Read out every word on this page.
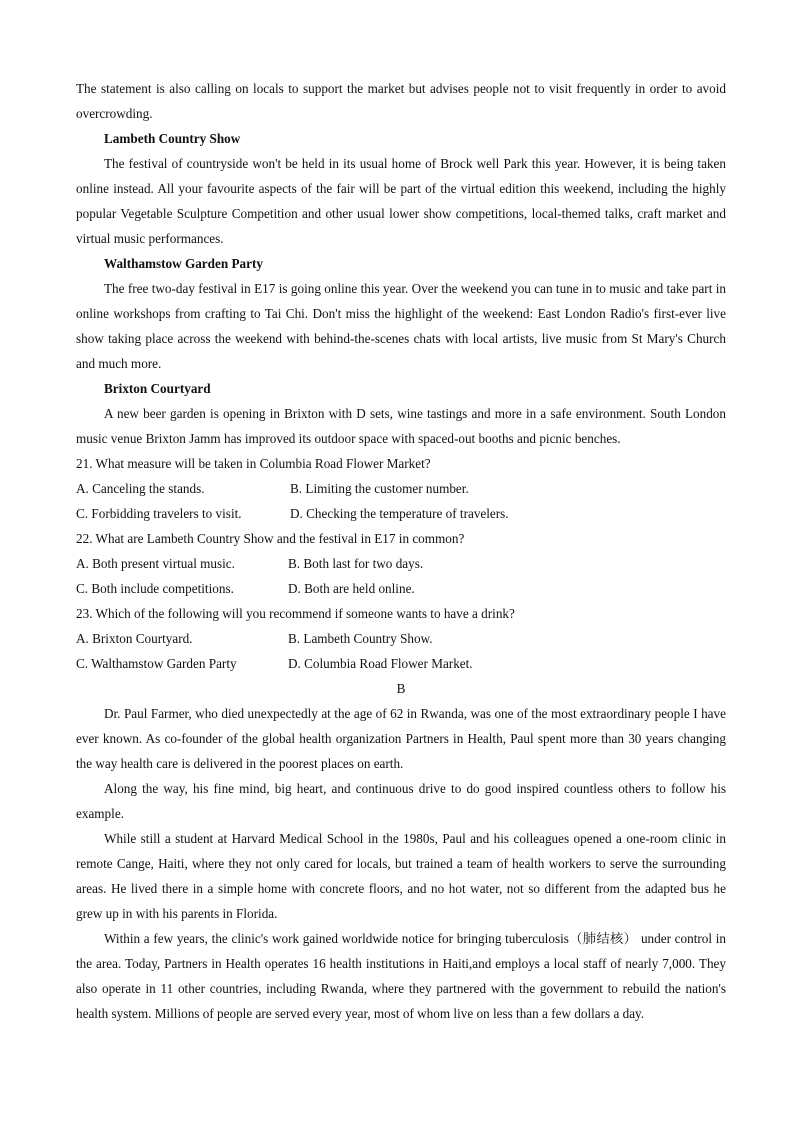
The statement is also calling on locals to support the market but advises people not to visit frequently in order to avoid overcrowding.

Lambeth Country Show

The festival of countryside won't be held in its usual home of Brock well Park this year. However, it is being taken online instead. All your favourite aspects of the fair will be part of the virtual edition this weekend, including the highly popular Vegetable Sculpture Competition and other usual lower show competitions, local-themed talks, craft market and virtual music performances.

Walthamstow Garden Party

The free two-day festival in E17 is going online this year. Over the weekend you can tune in to music and take part in online workshops from crafting to Tai Chi. Don't miss the highlight of the weekend: East London Radio's first-ever live show taking place across the weekend with behind-the-scenes chats with local artists, live music from St Mary's Church and much more.

Brixton Courtyard

A new beer garden is opening in Brixton with D sets, wine tastings and more in a safe environment. South London music venue Brixton Jamm has improved its outdoor space with spaced-out booths and picnic benches.

21. What measure will be taken in Columbia Road Flower Market?

A. Canceling the stands.	B. Limiting the customer number.
C. Forbidding travelers to visit.	D. Checking the temperature of travelers.

22. What are Lambeth Country Show and the festival in E17 in common?

A. Both present virtual music.	B. Both last for two days.
C. Both include competitions.	D. Both are held online.

23. Which of the following will you recommend if someone wants to have a drink?

A. Brixton Courtyard.	B. Lambeth Country Show.
C. Walthamstow Garden Party	D. Columbia Road Flower Market.

B

Dr. Paul Farmer, who died unexpectedly at the age of 62 in Rwanda, was one of the most extraordinary people I have ever known. As co-founder of the global health organization Partners in Health, Paul spent more than 30 years changing the way health care is delivered in the poorest places on earth.

Along the way, his fine mind, big heart, and continuous drive to do good inspired countless others to follow his example.

While still a student at Harvard Medical School in the 1980s, Paul and his colleagues opened a one-room clinic in remote Cange, Haiti, where they not only cared for locals, but trained a team of health workers to serve the surrounding areas. He lived there in a simple home with concrete floors, and no hot water, not so different from the adapted bus he grew up in with his parents in Florida.

Within a few years, the clinic's work gained worldwide notice for bringing tuberculosis（肺结核） under control in the area. Today, Partners in Health operates 16 health institutions in Haiti,and employs a local staff of nearly 7,000. They also operate in 11 other countries, including Rwanda, where they partnered with the government to rebuild the nation's health system. Millions of people are served every year, most of whom live on less than a few dollars a day.
